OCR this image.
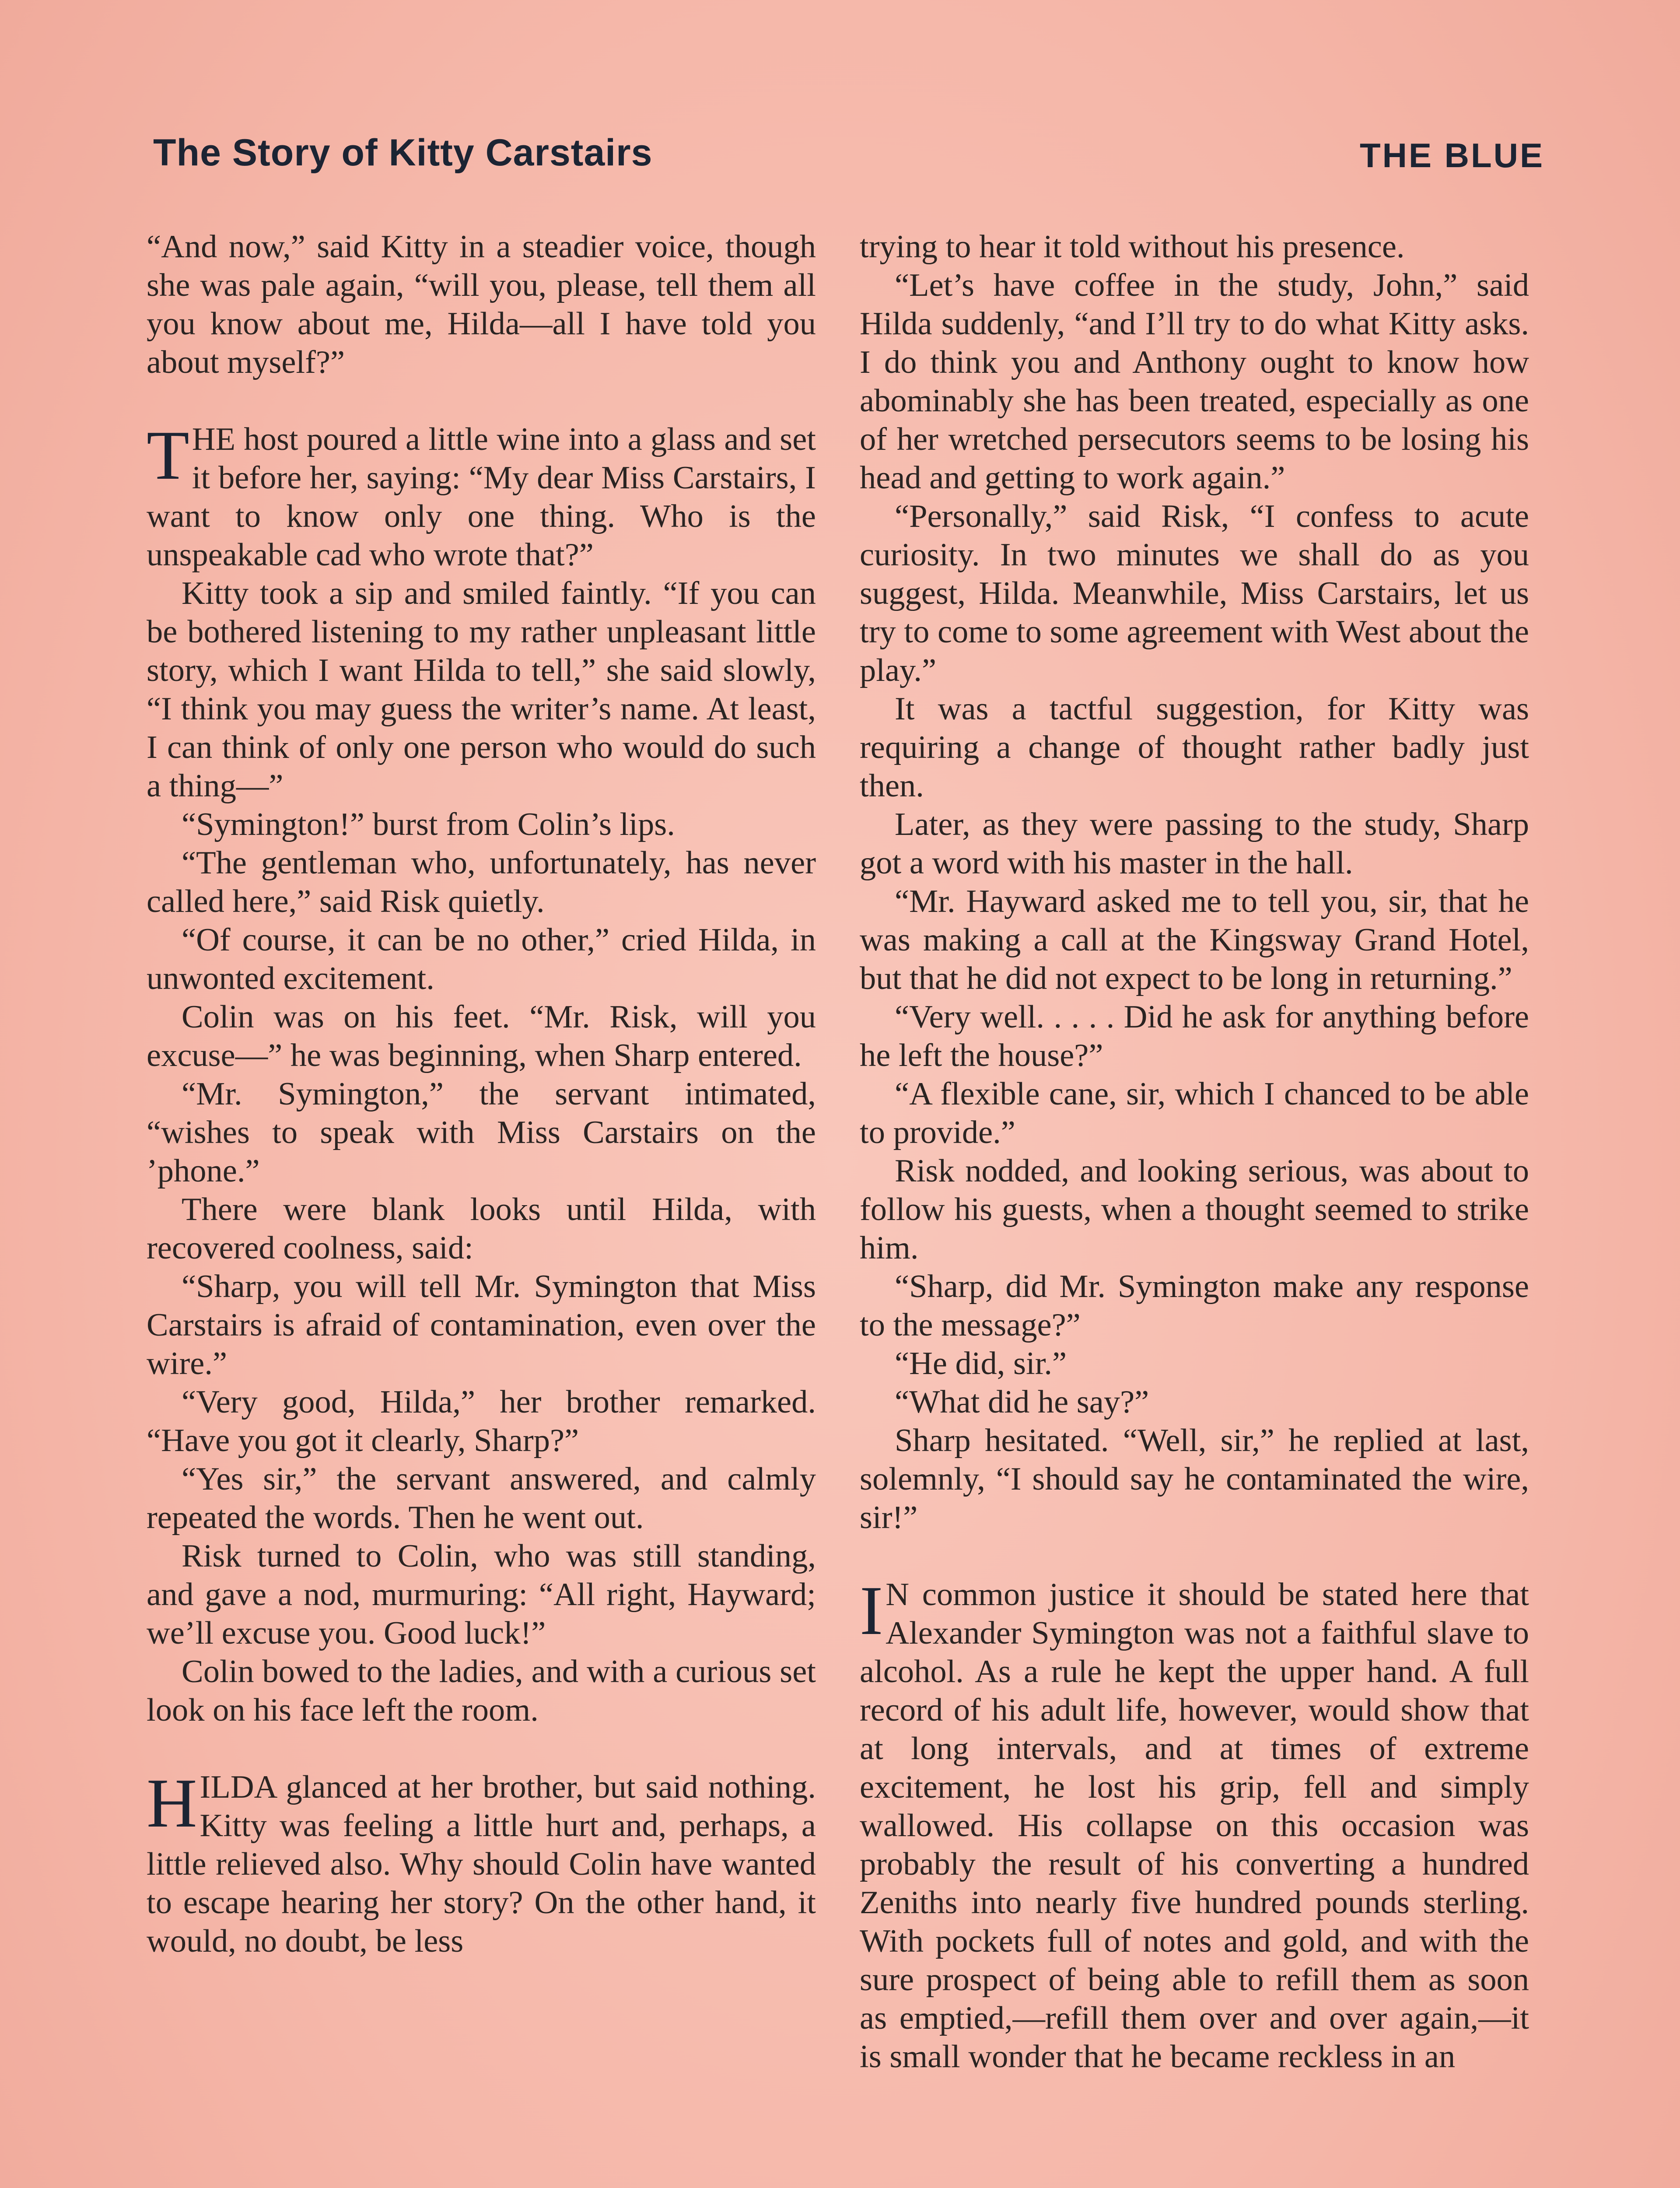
The Story of Kitty Carstairs	THE BLUE

“And now,” said Kitty in a steadier voice, though she was pale again, “will you, please, tell them all you know about me, Hilda—all I have told you about myself?”

THE host poured a little wine into a glass and set it before her, saying: “My dear Miss Carstairs, I want to know only one thing. Who is the unspeakable cad who wrote that?”

Kitty took a sip and smiled faintly. “If you can be bothered listening to my rather unpleasant little story, which I want Hilda to tell,” she said slowly, “I think you may guess the writer’s name. At least, I can think of only one person who would do such a thing—”

“Symington!” burst from Colin’s lips.

“The gentleman who, unfortunately, has never called here,” said Risk quietly.

“Of course, it can be no other,” cried Hilda, in unwonted excitement.

Colin was on his feet. “Mr. Risk, will you excuse—” he was beginning, when Sharp entered.

“Mr. Symington,” the servant intimated, “wishes to speak with Miss Carstairs on the ’phone.”

There were blank looks until Hilda, with recovered coolness, said:

“Sharp, you will tell Mr. Symington that Miss Carstairs is afraid of contamination, even over the wire.”

“Very good, Hilda,” her brother remarked. “Have you got it clearly, Sharp?”

“Yes sir,” the servant answered, and calmly repeated the words. Then he went out.

Risk turned to Colin, who was still standing, and gave a nod, murmuring: “All right, Hayward; we’ll excuse you. Good luck!”

Colin bowed to the ladies, and with a curious set look on his face left the room.

HILDA glanced at her brother, but said nothing. Kitty was feeling a little hurt and, perhaps, a little relieved also. Why should Colin have wanted to escape hearing her story? On the other hand, it would, no doubt, be less

trying to hear it told without his presence.

“Let’s have coffee in the study, John,” said Hilda suddenly, “and I’ll try to do what Kitty asks. I do think you and Anthony ought to know how abominably she has been treated, especially as one of her wretched persecutors seems to be losing his head and getting to work again.”

“Personally,” said Risk, “I confess to acute curiosity. In two minutes we shall do as you suggest, Hilda. Meanwhile, Miss Carstairs, let us try to come to some agreement with West about the play.”

It was a tactful suggestion, for Kitty was requiring a change of thought rather badly just then.

Later, as they were passing to the study, Sharp got a word with his master in the hall.

“Mr. Hayward asked me to tell you, sir, that he was making a call at the Kingsway Grand Hotel, but that he did not expect to be long in returning.”

“Very well. . . . . Did he ask for anything before he left the house?”

“A flexible cane, sir, which I chanced to be able to provide.”

Risk nodded, and looking serious, was about to follow his guests, when a thought seemed to strike him.

“Sharp, did Mr. Symington make any response to the message?”

“He did, sir.”

“What did he say?”

Sharp hesitated. “Well, sir,” he replied at last, solemnly, “I should say he contaminated the wire, sir!”

IN common justice it should be stated here that Alexander Symington was not a faithful slave to alcohol. As a rule he kept the upper hand. A full record of his adult life, however, would show that at long intervals, and at times of extreme excitement, he lost his grip, fell and simply wallowed. His collapse on this occasion was probably the result of his converting a hundred Zeniths into nearly five hundred pounds sterling. With pockets full of notes and gold, and with the sure prospect of being able to refill them as soon as emptied,—refill them over and over again,—it is small wonder that he became reckless in an
